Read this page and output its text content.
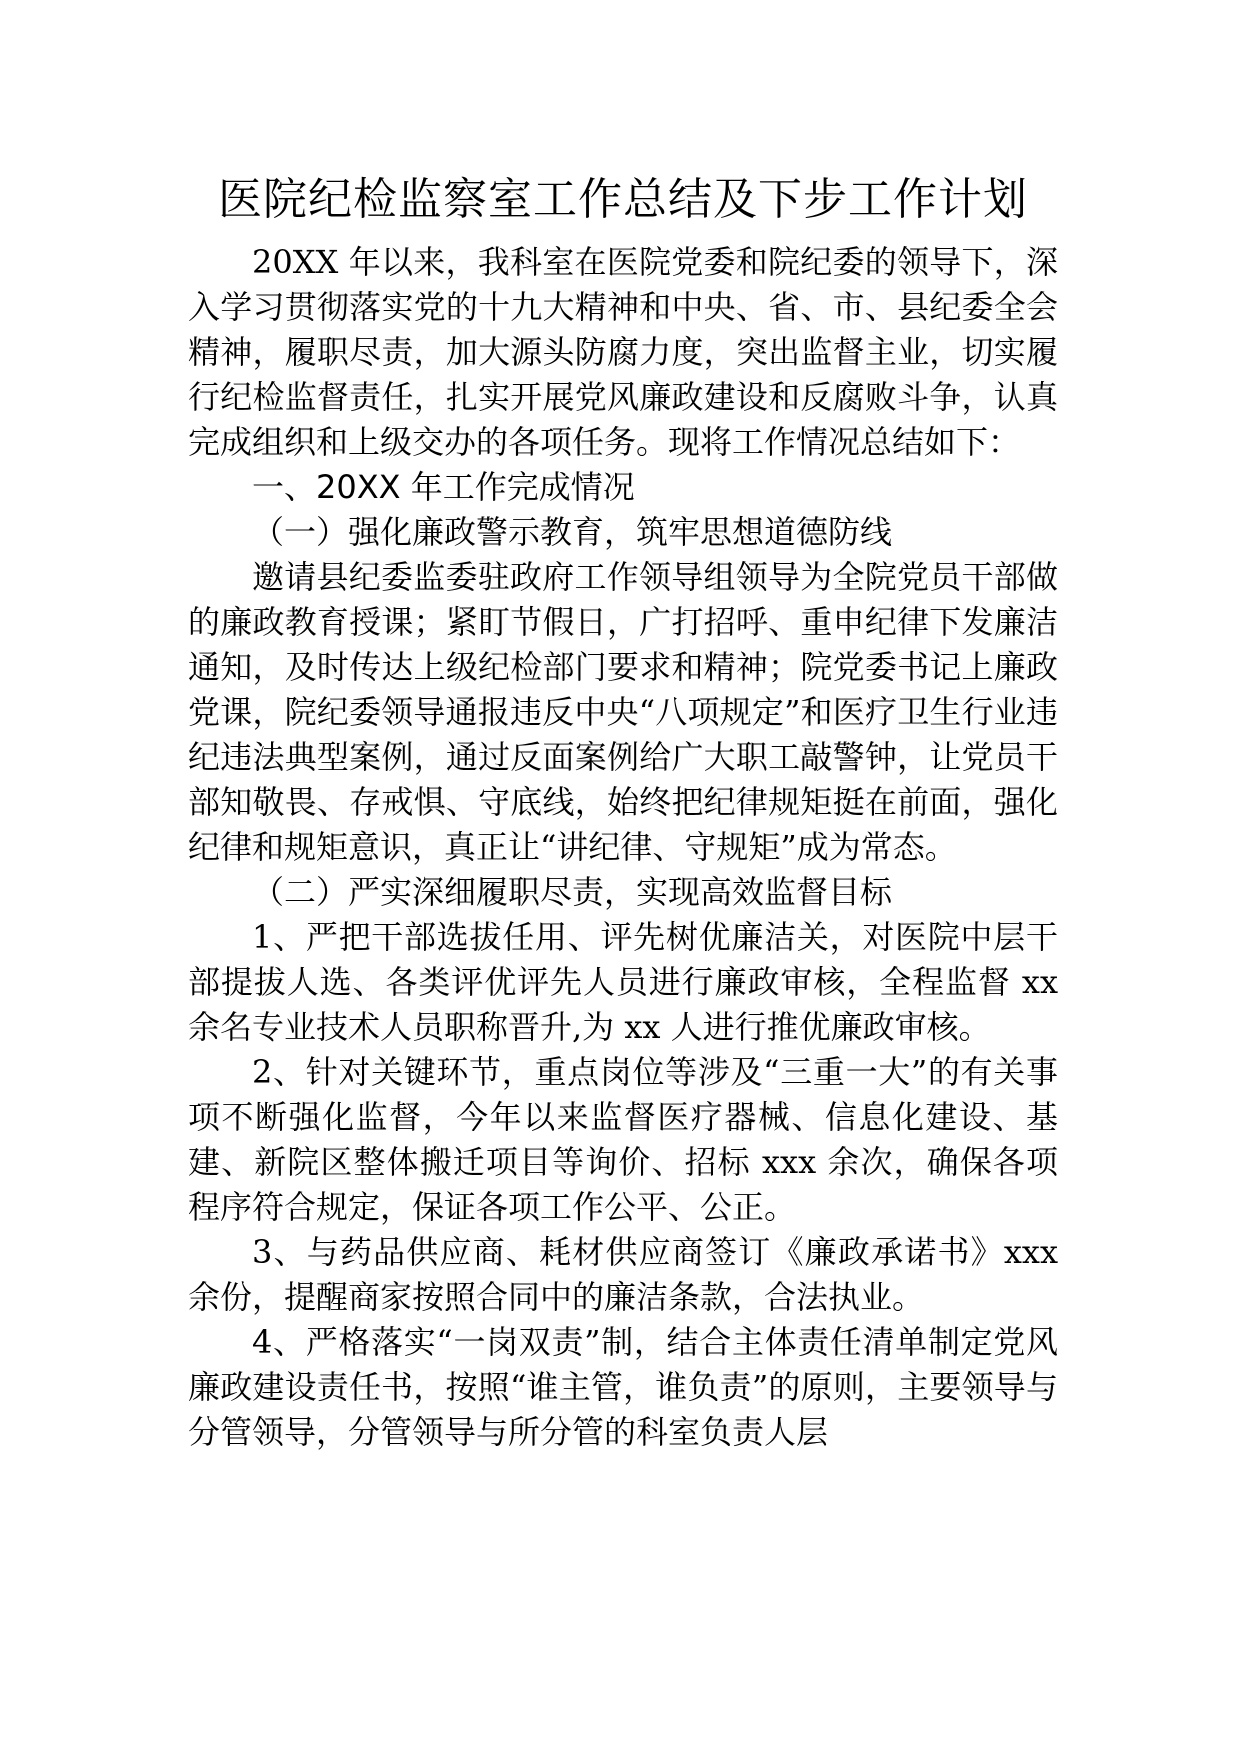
医院纪检监察室工作总结及下步工作计划

20XX 年以来，我科室在医院党委和院纪委的领导下，深入学习贯彻落实党的十九大精神和中央、省、市、县纪委全会精神，履职尽责，加大源头防腐力度，突出监督主业，切实履行纪检监督责任，扎实开展党风廉政建设和反腐败斗争，认真完成组织和上级交办的各项任务。现将工作情况总结如下：

一、20XX 年工作完成情况

（一）强化廉政警示教育，筑牢思想道德防线

邀请县纪委监委驻政府工作领导组领导为全院党员干部做的廉政教育授课；紧盯节假日，广打招呼、重申纪律下发廉洁通知，及时传达上级纪检部门要求和精神；院党委书记上廉政党课，院纪委领导通报违反中央“八项规定”和医疗卫生行业违纪违法典型案例，通过反面案例给广大职工敲警钟，让党员干部知敬畏、存戒惧、守底线，始终把纪律规矩挺在前面，强化纪律和规矩意识，真正让“讲纪律、守规矩”成为常态。

（二）严实深细履职尽责，实现高效监督目标

1、严把干部选拔任用、评先树优廉洁关，对医院中层干部提拔人选、各类评优评先人员进行廉政审核，全程监督 xx 余名专业技术人员职称晋升,为 xx 人进行推优廉政审核。

2、针对关键环节，重点岗位等涉及“三重一大”的有关事项不断强化监督，今年以来监督医疗器械、信息化建设、基建、新院区整体搬迁项目等询价、招标 xxx 余次，确保各项程序符合规定，保证各项工作公平、公正。

3、与药品供应商、耗材供应商签订《廉政承诺书》xxx 余份，提醒商家按照合同中的廉洁条款，合法执业。

4、严格落实“一岗双责”制，结合主体责任清单制定党风廉政建设责任书，按照“谁主管，谁负责”的原则，主要领导与分管领导，分管领导与所分管的科室负责人层
